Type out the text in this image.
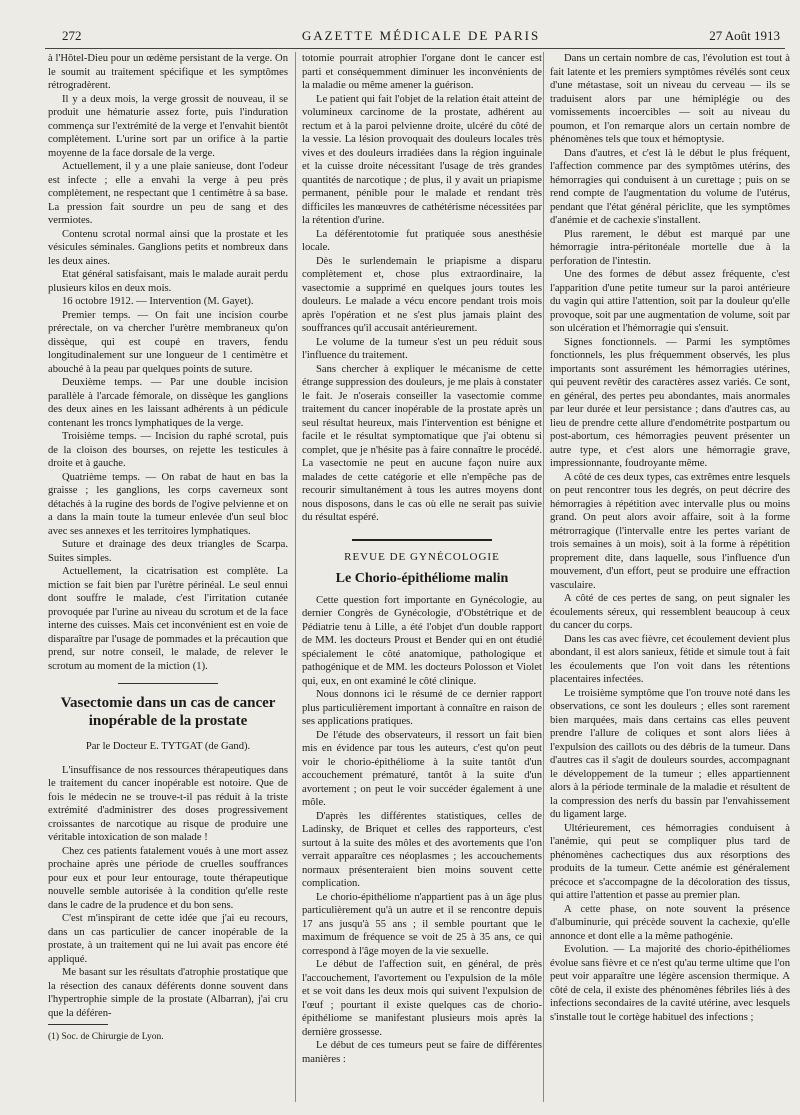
272	GAZETTE MÉDICALE DE PARIS	27 Août 1913

à l'Hôtel-Dieu pour un œdème persistant de la verge. On le soumit au traitement spécifique et les symptômes rétrogradèrent.

Il y a deux mois, la verge grossit de nouveau, il se produit une hématurie assez forte, puis l'induration commença sur l'extrémité de la verge et l'envahit bientôt complètement. L'urine sort par un orifice à la partie moyenne de la face dorsale de la verge.

Actuellement, il y a une plaie sanieuse, dont l'odeur est infecte ; elle a envahi la verge à peu près complètement, ne respectant que 1 centimètre à sa base. La pression fait sourdre un peu de sang et des vermiotes.

Contenu scrotal normal ainsi que la prostate et les vésicules séminales. Ganglions petits et nombreux dans les deux aines.

Etat général satisfaisant, mais le malade aurait perdu plusieurs kilos en deux mois.

16 octobre 1912. — Intervention (M. Gayet).

Premier temps. — On fait une incision courbe prérectale, on va chercher l'urètre membraneux qu'on dissèque, qui est coupé en travers, fendu longitudinalement sur une longueur de 1 centimètre et abouché à la peau par quelques points de suture.

Deuxième temps. — Par une double incision parallèle à l'arcade fémorale, on dissèque les ganglions des deux aines en les laissant adhérents à un pédicule contenant les troncs lymphatiques de la verge.

Troisième temps. — Incision du raphé scrotal, puis de la cloison des bourses, on rejette les testicules à droite et à gauche.

Quatrième temps. — On rabat de haut en bas la graisse ; les ganglions, les corps caverneux sont détachés à la rugine des bords de l'ogive pelvienne et on a dans la main toute la tumeur enlevée d'un seul bloc avec ses annexes et les territoires lymphatiques.

Suture et drainage des deux triangles de Scarpa. Suites simples.

Actuellement, la cicatrisation est complète. La miction se fait bien par l'urètre périnéal. Le seul ennui dont souffre le malade, c'est l'irritation cutanée provoquée par l'urine au niveau du scrotum et de la face interne des cuisses. Mais cet inconvénient est en voie de disparaître par l'usage de pommades et la précaution que prend, sur notre conseil, le malade, de relever le scrotum au moment de la miction (1).

Vasectomie dans un cas de cancer inopérable de la prostate
Par le Docteur E. TYTGAT (de Gand).

L'insuffisance de nos ressources thérapeutiques dans le traitement du cancer inopérable est notoire. Que de fois le médecin ne se trouve-t-il pas réduit à la triste extrémité d'administrer des doses progressivement croissantes de narcotique au risque de produire une véritable intoxication de son malade !

Chez ces patients fatalement voués à une mort assez prochaine après une période de cruelles souffrances pour eux et pour leur entourage, toute thérapeutique nouvelle semble autorisée à la condition qu'elle reste dans le cadre de la prudence et du bon sens.

C'est m'inspirant de cette idée que j'ai eu recours, dans un cas particulier de cancer inopérable de la prostate, à un traitement qui ne lui avait pas encore été appliqué.

Me basant sur les résultats d'atrophie prostatique que la résection des canaux déférents donne souvent dans l'hypertrophie simple de la prostate (Albarran), j'ai cru que la déféren-

(1) Soc. de Chirurgie de Lyon.

totomie pourrait atrophier l'organe dont le cancer est parti et conséquemment diminuer les inconvénients de la maladie ou même amener la guérison.

Le patient qui fait l'objet de la relation était atteint de volumineux carcinome de la prostate, adhérent au rectum et à la paroi pelvienne droite, ulcéré du côté de la vessie. La lésion provoquait des douleurs locales très vives et des douleurs irradiées dans la région inguinale et la cuisse droite nécessitant l'usage de très grandes quantités de narcotique ; de plus, il y avait un priapisme permanent, pénible pour le malade et rendant très difficiles les manœuvres de cathétérisme nécessitées par la rétention d'urine.

La déférentotomie fut pratiquée sous anesthésie locale.

Dès le surlendemain le priapisme a disparu complètement et, chose plus extraordinaire, la vasectomie a supprimé en quelques jours toutes les douleurs. Le malade a vécu encore pendant trois mois après l'opération et ne s'est plus jamais plaint des souffrances qu'il accusait antérieurement.

Le volume de la tumeur s'est un peu réduit sous l'influence du traitement.

Sans chercher à expliquer le mécanisme de cette étrange suppression des douleurs, je me plais à constater le fait. Je n'oserais conseiller la vasectomie comme traitement du cancer inopérable de la prostate après un seul résultat heureux, mais l'intervention est bénigne et facile et le résultat symptomatique que j'ai obtenu si complet, que je n'hésite pas à faire connaître le procédé. La vasectomie ne peut en aucune façon nuire aux malades de cette catégorie et elle n'empêche pas de recourir simultanément à tous les autres moyens dont nous disposons, dans le cas où elle ne serait pas suivie du résultat espéré.

REVUE DE GYNÉCOLOGIE
Le Chorio-épithéliome malin

Cette question fort importante en Gynécologie, au dernier Congrès de Gynécologie, d'Obstétrique et de Pédiatrie tenu à Lille, a été l'objet d'un double rapport de MM. les docteurs Proust et Bender qui en ont étudié spécialement le côté anatomique, pathologique et pathogénique et de MM. les docteurs Polosson et Violet qui, eux, en ont examiné le côté clinique.

Nous donnons ici le résumé de ce dernier rapport plus particulièrement important à connaître en raison de ses applications pratiques.

De l'étude des observateurs, il ressort un fait bien mis en évidence par tous les auteurs, c'est qu'on peut voir le chorio-épithéliome à la suite tantôt d'un accouchement prématuré, tantôt à la suite d'un avortement ; on peut le voir succéder également à une môle.

D'après les différentes statistiques, celles de Ladinsky, de Briquet et celles des rapporteurs, c'est surtout à la suite des môles et des avortements que l'on verrait apparaître ces néoplasmes ; les accouchements normaux présenteraient bien moins souvent cette complication.

Le chorio-épithéliome n'appartient pas à un âge plus particulièrement qu'à un autre et il se rencontre depuis 17 ans jusqu'à 55 ans ; il semble pourtant que le maximum de fréquence se voit de 25 à 35 ans, ce qui correspond à l'âge moyen de la vie sexuelle.

Le début de l'affection suit, en général, de près l'accouchement, l'avortement ou l'expulsion de la môle et se voit dans les deux mois qui suivent l'expulsion de l'œuf ; pourtant il existe quelques cas de chorio-épithéliome se manifestant plusieurs mois après la dernière grossesse.

Le début de ces tumeurs peut se faire de différentes manières :

Dans un certain nombre de cas, l'évolution est tout à fait latente et les premiers symptômes révélés sont ceux d'une métastase, soit un niveau du cerveau — ils se traduisent alors par une hémiplégie ou des vomissements incoercibles — soit au niveau du poumon, et l'on remarque alors un certain nombre de phénomènes tels que toux et hémoptysie.

Dans d'autres, et c'est là le début le plus fréquent, l'affection commence par des symptômes utérins, des hémorragies qui conduisent à un curettage ; puis on se rend compte de l'augmentation du volume de l'utérus, pendant que l'état général périclite, que les symptômes d'anémie et de cachexie s'installent.

Plus rarement, le début est marqué par une hémorragie intra-péritonéale mortelle due à la perforation de l'intestin.

Une des formes de début assez fréquente, c'est l'apparition d'une petite tumeur sur la paroi antérieure du vagin qui attire l'attention, soit par la douleur qu'elle provoque, soit par une augmentation de volume, soit par son ulcération et l'hémorragie qui s'ensuit.

Signes fonctionnels. — Parmi les symptômes fonctionnels, les plus fréquemment observés, les plus importants sont assurément les hémorragies utérines, qui peuvent revêtir des caractères assez variés. Ce sont, en général, des pertes peu abondantes, mais anormales par leur durée et leur persistance ; dans d'autres cas, au lieu de prendre cette allure d'endométrite postpartum ou post-abortum, ces hémorragies peuvent présenter un autre type, et c'est alors une hémorragie grave, impressionnante, foudroyante même.

A côté de ces deux types, cas extrêmes entre lesquels on peut rencontrer tous les degrés, on peut décrire des hémorragies à répétition avec intervalle plus ou moins grand. On peut alors avoir affaire, soit à la forme métrorragique (l'intervalle entre les pertes variant de trois semaines à un mois), soit à la forme à répétition proprement dite, dans laquelle, sous l'influence d'un mouvement, d'un effort, peut se produire une effraction vasculaire.

A côté de ces pertes de sang, on peut signaler les écoulements séreux, qui ressemblent beaucoup à ceux du cancer du corps.

Dans les cas avec fièvre, cet écoulement devient plus abondant, il est alors sanieux, fétide et simule tout à fait les écoulements que l'on voit dans les rétentions placentaires infectées.

Le troisième symptôme que l'on trouve noté dans les observations, ce sont les douleurs ; elles sont rarement bien marquées, mais dans certains cas elles peuvent prendre l'allure de coliques et sont alors liées à l'expulsion des caillots ou des débris de la tumeur. Dans d'autres cas il s'agit de douleurs sourdes, accompagnant le développement de la tumeur ; elles appartiennent alors à la période terminale de la maladie et résultent de la compression des nerfs du bassin par l'envahissement du ligament large.

Ultérieurement, ces hémorragies conduisent à l'anémie, qui peut se compliquer plus tard de phénomènes cachectiques dus aux résorptions des produits de la tumeur. Cette anémie est généralement précoce et s'accompagne de la décoloration des tissus, qui attire l'attention et passe au premier plan.

A cette phase, on note souvent la présence d'albuminurie, qui précède souvent la cachexie, qu'elle annonce et dont elle a la même pathogénie.

Evolution. — La majorité des chorio-épithéliomes évolue sans fièvre et ce n'est qu'au terme ultime que l'on peut voir apparaître une légère ascension thermique. A côté de cela, il existe des phénomènes fébriles liés à des infections secondaires de la cavité utérine, avec lesquels s'installe tout le cortège habituel des infections ;
